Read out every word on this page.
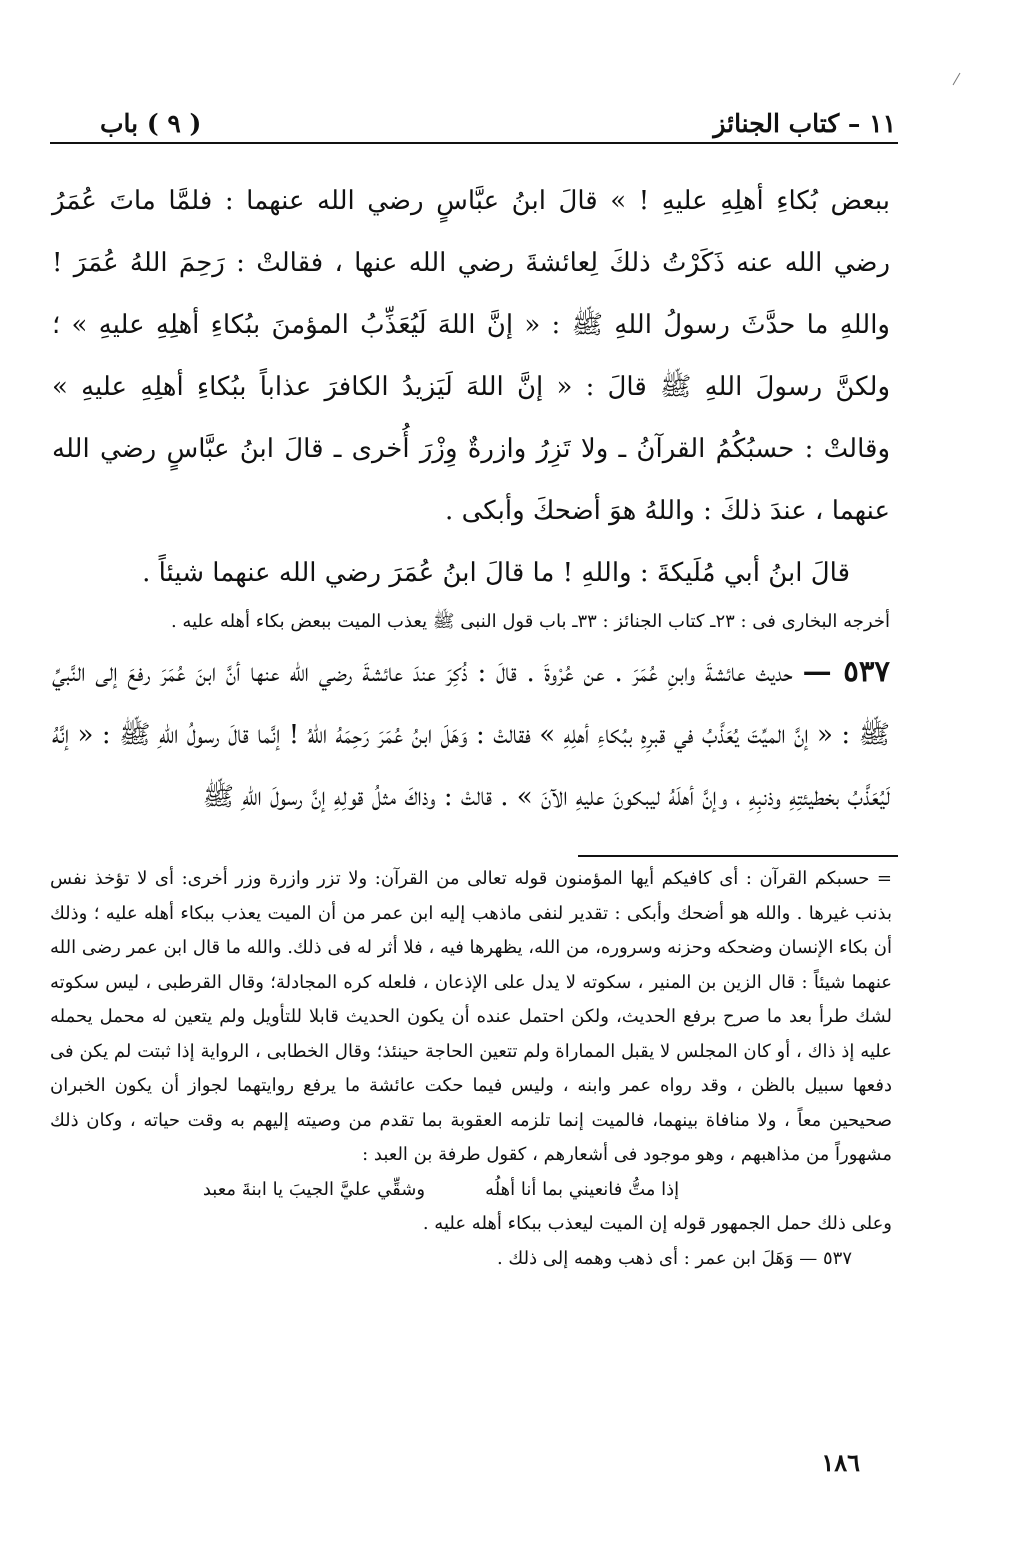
١١ – كتاب الجنائز
( ٩ ) باب

ببعض بُكاءِ أهلِهِ عليهِ ! » قالَ ابنُ عبَّاسٍ رضي الله عنهما : فلمَّا ماتَ عُمَرُ رضي الله عنه ذَكَرْتُ ذلكَ لِعائشةَ رضي الله عنها ، فقالتْ : رَحِمَ اللهُ عُمَرَ ! واللهِ ما حدَّثَ رسولُ اللهِ ﷺ : « إنَّ اللهَ لَيُعَذِّبُ المؤمنَ ببُكاءِ أهلِهِ عليهِ » ؛ ولكنَّ رسولَ اللهِ ﷺ قالَ : « إنَّ اللهَ لَيَزيدُ الكافرَ عذاباً ببُكاءِ أهلِهِ عليهِ » وقالتْ : حسبُكُمُ القرآنُ ـ ولا تَزِرُ وازرةٌ وِزْرَ أُخرى ـ قالَ ابنُ عبَّاسٍ رضي الله عنهما ، عندَ ذلكَ : واللهُ هوَ أضحكَ وأبكى .

قالَ ابنُ أبي مُلَيكةَ : واللهِ ! ما قالَ ابنُ عُمَرَ رضي الله عنهما شيئاً .

أخرجه البخارى فى : ٢٣ـ كتاب الجنائز : ٣٣ـ باب قول النبى ﷺ يعذب الميت ببعض بكاء أهله عليه .

٥٣٧ — حديث عائشةَ وابنِ عُمَرَ . عن عُرْوةَ . قالَ : ذُكِرَ عندَ عائشةَ رضي الله عنها أنَّ ابنَ عُمَرَ رفعَ إلى النَّبيِّ ﷺ : « إنَّ الميِّتَ يُعَذَّبُ في قبرِهِ ببُكاءِ أهلِهِ » فقالتْ : وَهَلَ ابنُ عُمَرَ رَحِمَهُ اللهُ ! إنَّما قالَ رسولُ اللهِ ﷺ : « إنَّهُ لَيُعَذَّبُ بخطيئتِهِ وذنبِهِ ، وإنَّ أهلَهُ ليبكونَ عليهِ الآنَ » . قالتْ : وذاكَ مثلُ قولِهِ إنَّ رسولَ اللهِ ﷺ

= حسبكم القرآن : أى كافيكم أيها المؤمنون قوله تعالى من القرآن: ولا تزر وازرة وزر أخرى: أى لا تؤخذ نفس بذنب غيرها . والله هو أضحك وأبكى : تقدير لنفى ماذهب إليه ابن عمر من أن الميت يعذب ببكاء أهله عليه ؛ وذلك أن بكاء الإنسان وضحكه وحزنه وسروره، من الله، يظهرها فيه ، فلا أثر له فى ذلك. والله ما قال ابن عمر رضى الله عنهما شيئاً : قال الزين بن المنير ، سكوته لا يدل على الإذعان ، فلعله كره المجادلة؛ وقال القرطبى ، ليس سكوته لشك طرأ بعد ما صرح برفع الحديث، ولكن احتمل عنده أن يكون الحديث قابلا للتأويل ولم يتعين له محمل يحمله عليه إذ ذاك ، أو كان المجلس لا يقبل المماراة ولم تتعين الحاجة حينئذ؛ وقال الخطابى ، الرواية إذا ثبتت لم يكن فى دفعها سبيل بالظن ، وقد رواه عمر وابنه ، وليس فيما حكت عائشة ما يرفع روايتهما لجواز أن يكون الخبران صحيحين معاً ، ولا منافاة بينهما، فالميت إنما تلزمه العقوبة بما تقدم من وصيته إليهم به وقت حياته ، وكان ذلك مشهوراً من مذاهبهم ، وهو موجود فى أشعارهم ، كقول طرفة بن العبد :

إذا متُّ فانعيني بما أنا أهلُه
وشقِّي عليَّ الجيبَ يا ابنةَ معبد

وعلى ذلك حمل الجمهور قوله إن الميت ليعذب ببكاء أهله عليه .

٥٣٧ — وَهَلَ ابن عمر : أى ذهب وهمه إلى ذلك .

١٨٦
